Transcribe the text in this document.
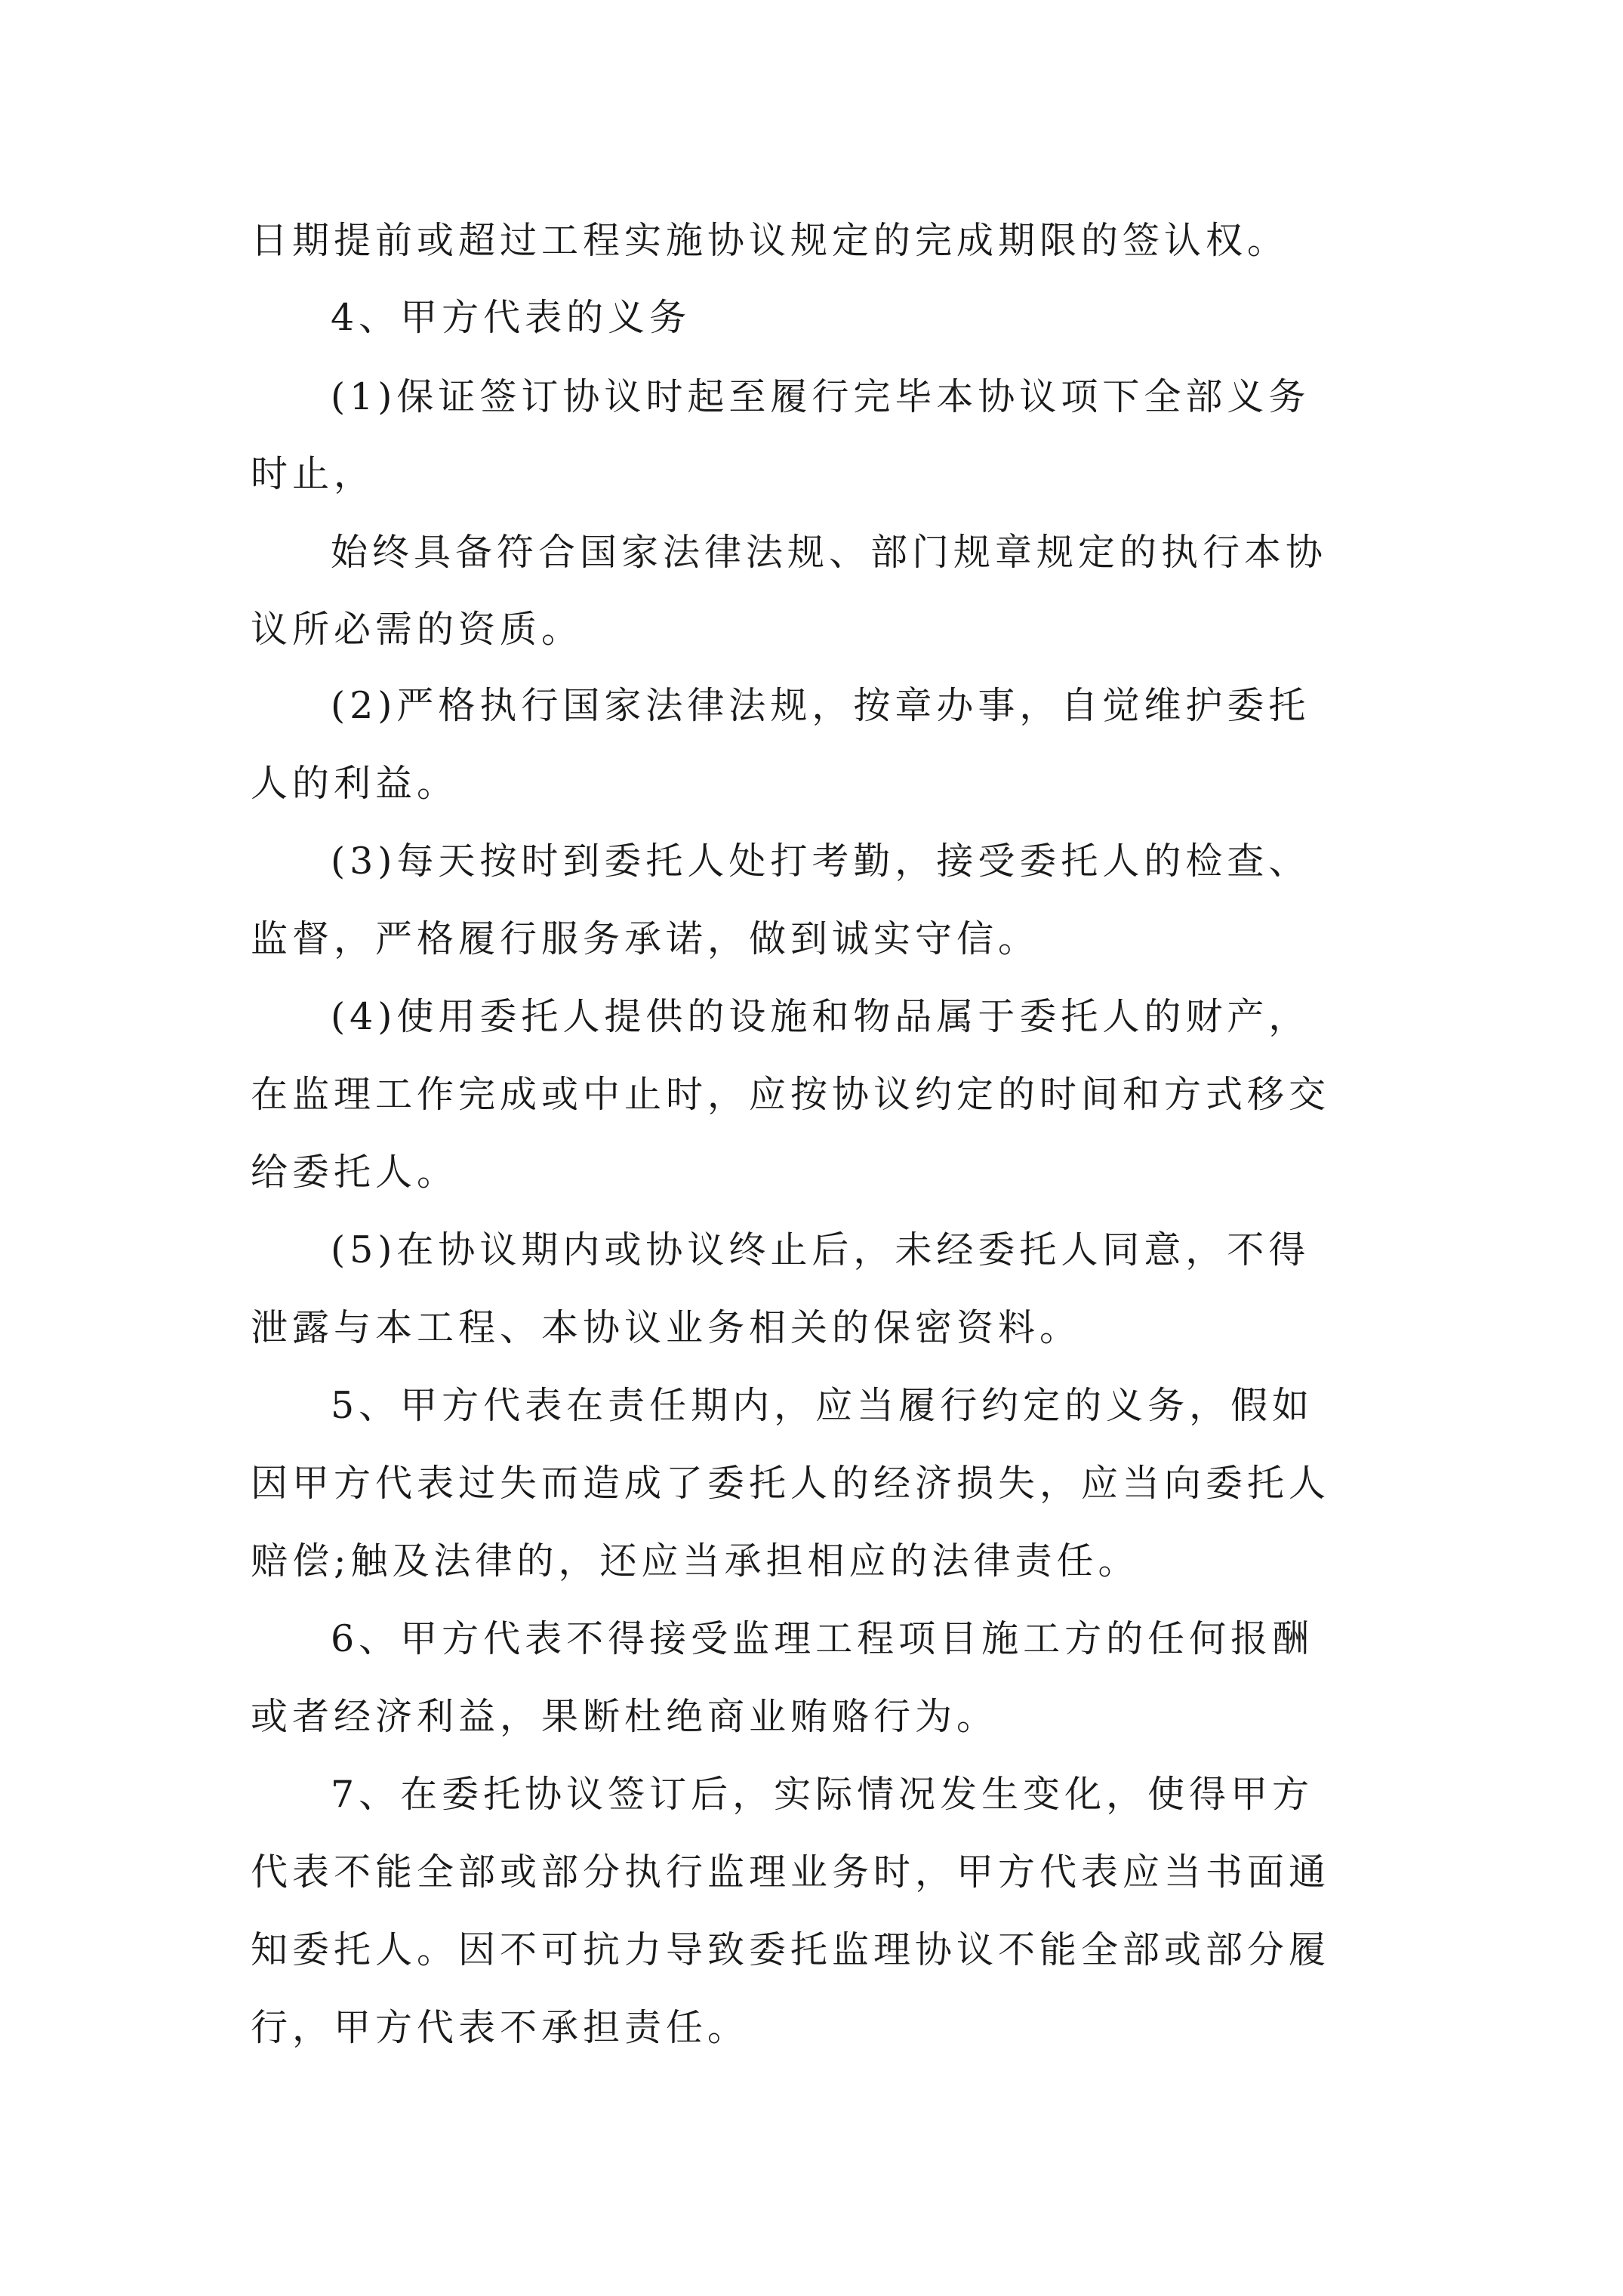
日期提前或超过工程实施协议规定的完成期限的签认权。
4、甲方代表的义务
(1)保证签订协议时起至履行完毕本协议项下全部义务
时止，
始终具备符合国家法律法规、部门规章规定的执行本协
议所必需的资质。
(2)严格执行国家法律法规，按章办事，自觉维护委托
人的利益。
(3)每天按时到委托人处打考勤，接受委托人的检查、
监督，严格履行服务承诺，做到诚实守信。
(4)使用委托人提供的设施和物品属于委托人的财产，
在监理工作完成或中止时，应按协议约定的时间和方式移交
给委托人。
(5)在协议期内或协议终止后，未经委托人同意，不得
泄露与本工程、本协议业务相关的保密资料。
5、甲方代表在责任期内，应当履行约定的义务，假如
因甲方代表过失而造成了委托人的经济损失，应当向委托人
赔偿;触及法律的，还应当承担相应的法律责任。
6、甲方代表不得接受监理工程项目施工方的任何报酬
或者经济利益，果断杜绝商业贿赂行为。
7、在委托协议签订后，实际情况发生变化，使得甲方
代表不能全部或部分执行监理业务时，甲方代表应当书面通
知委托人。因不可抗力导致委托监理协议不能全部或部分履
行，甲方代表不承担责任。
